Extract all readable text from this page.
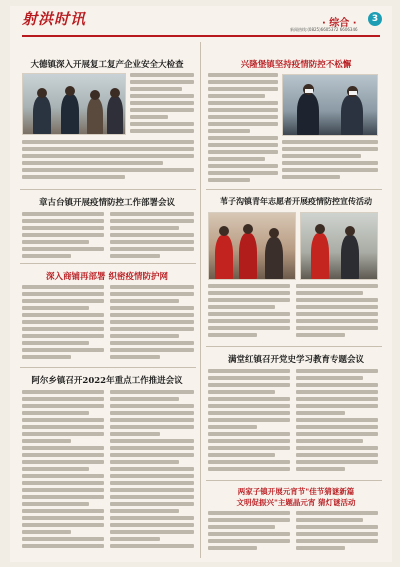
射洪时讯	· 综合 ·	3
新闻热线:(0825)6605372 6606346
大德镇深入开展复工复产企业安全大检查
章古台镇开展疫情防控工作部署会议
深入商铺再部署 织密疫情防护网
阿尔乡镇召开2022年重点工作推进会议
兴隆堡镇坚持疫情防控不松懈
苇子沟镇青年志愿者开展疫情防控宣传活动
满堂红镇召开党史学习教育专题会议
两家子镇开展元宵节"佳节猜谜新篇
文明促振兴"主题晶元宵 猜灯谜活动
